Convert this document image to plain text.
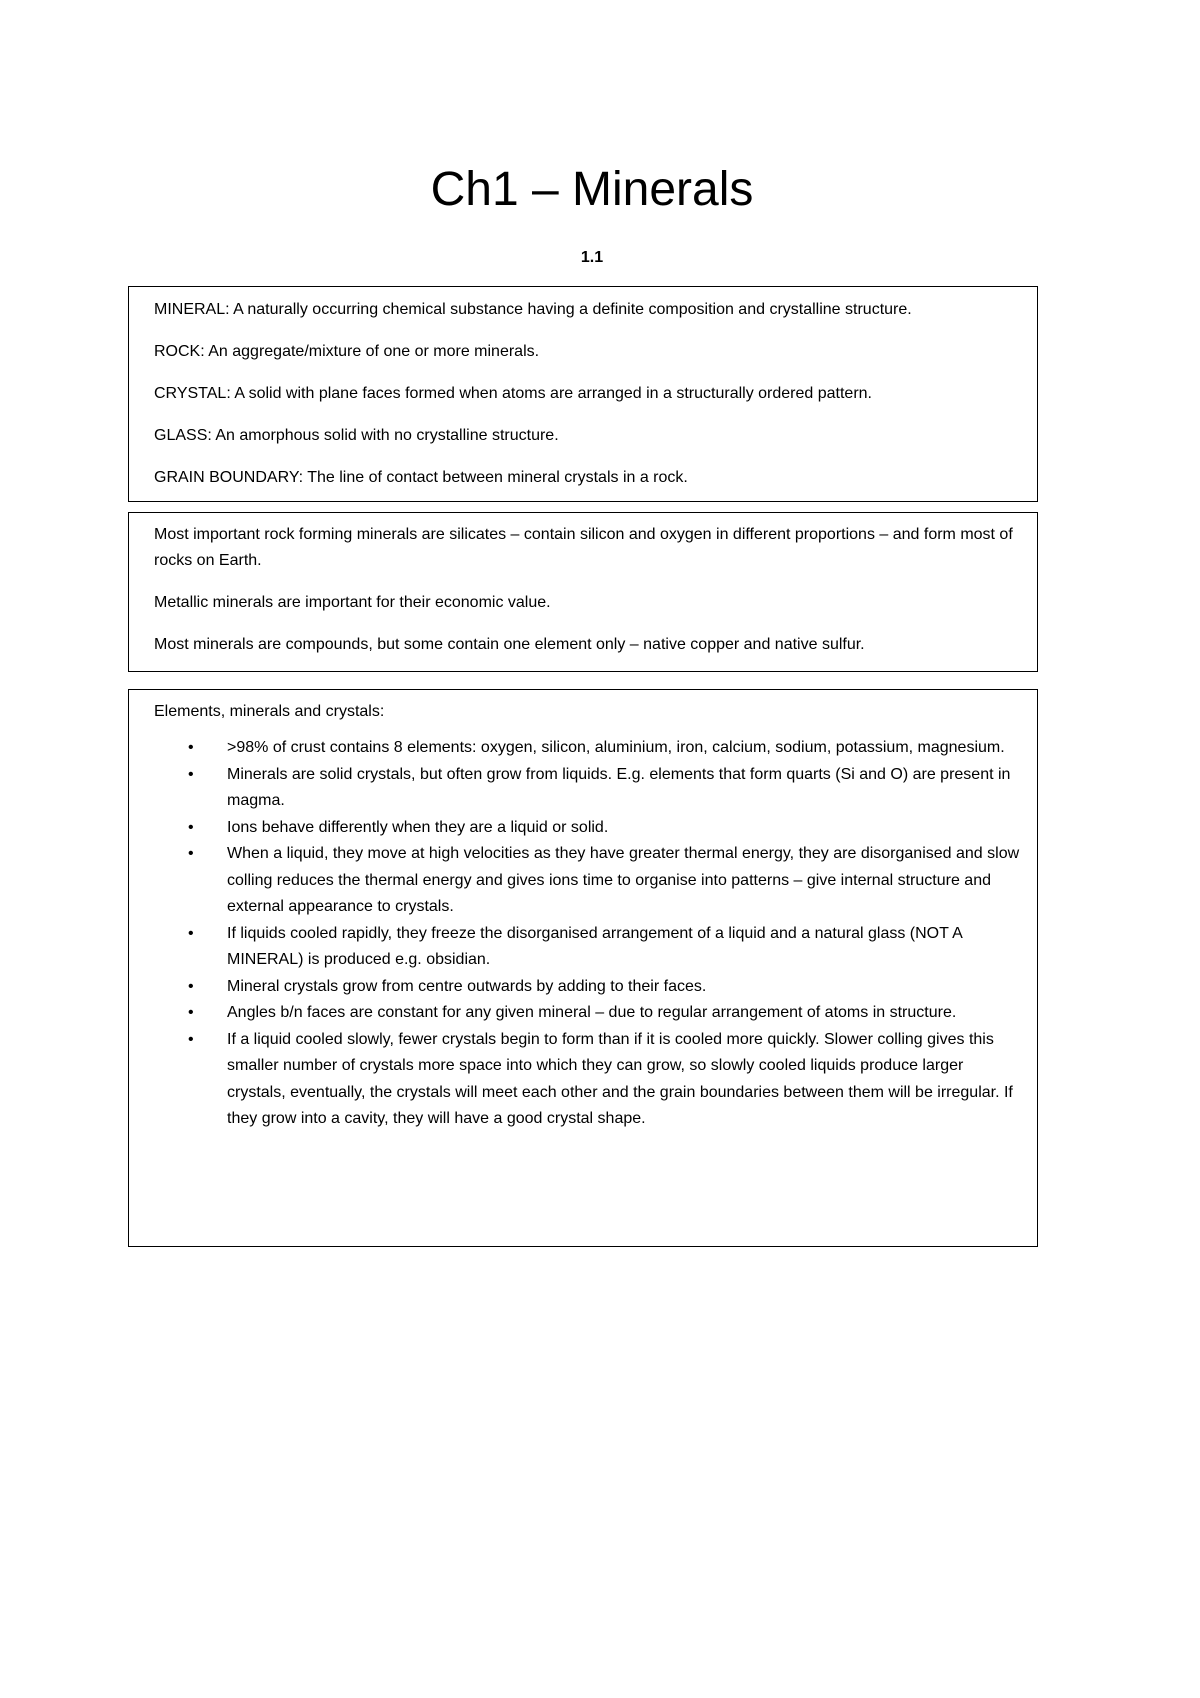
Ch1 – Minerals
1.1

MINERAL: A naturally occurring chemical substance having a definite composition and crystalline structure.

ROCK: An aggregate/mixture of one or more minerals.

CRYSTAL: A solid with plane faces formed when atoms are arranged in a structurally ordered pattern.

GLASS: An amorphous solid with no crystalline structure.

GRAIN BOUNDARY: The line of contact between mineral crystals in a rock.

Most important rock forming minerals are silicates – contain silicon and oxygen in different proportions – and form most of rocks on Earth.

Metallic minerals are important for their economic value.

Most minerals are compounds, but some contain one element only – native copper and native sulfur.

Elements, minerals and crystals:
• >98% of crust contains 8 elements: oxygen, silicon, aluminium, iron, calcium, sodium, potassium, magnesium.
• Minerals are solid crystals, but often grow from liquids. E.g. elements that form quarts (Si and O) are present in magma.
• Ions behave differently when they are a liquid or solid.
• When a liquid, they move at high velocities as they have greater thermal energy, they are disorganised and slow colling reduces the thermal energy and gives ions time to organise into patterns – give internal structure and external appearance to crystals.
• If liquids cooled rapidly, they freeze the disorganised arrangement of a liquid and a natural glass (NOT A MINERAL) is produced e.g. obsidian.
• Mineral crystals grow from centre outwards by adding to their faces.
• Angles b/n faces are constant for any given mineral – due to regular arrangement of atoms in structure.
• If a liquid cooled slowly, fewer crystals begin to form than if it is cooled more quickly. Slower colling gives this smaller number of crystals more space into which they can grow, so slowly cooled liquids produce larger crystals, eventually, the crystals will meet each other and the grain boundaries between them will be irregular. If they grow into a cavity, they will have a good crystal shape.
